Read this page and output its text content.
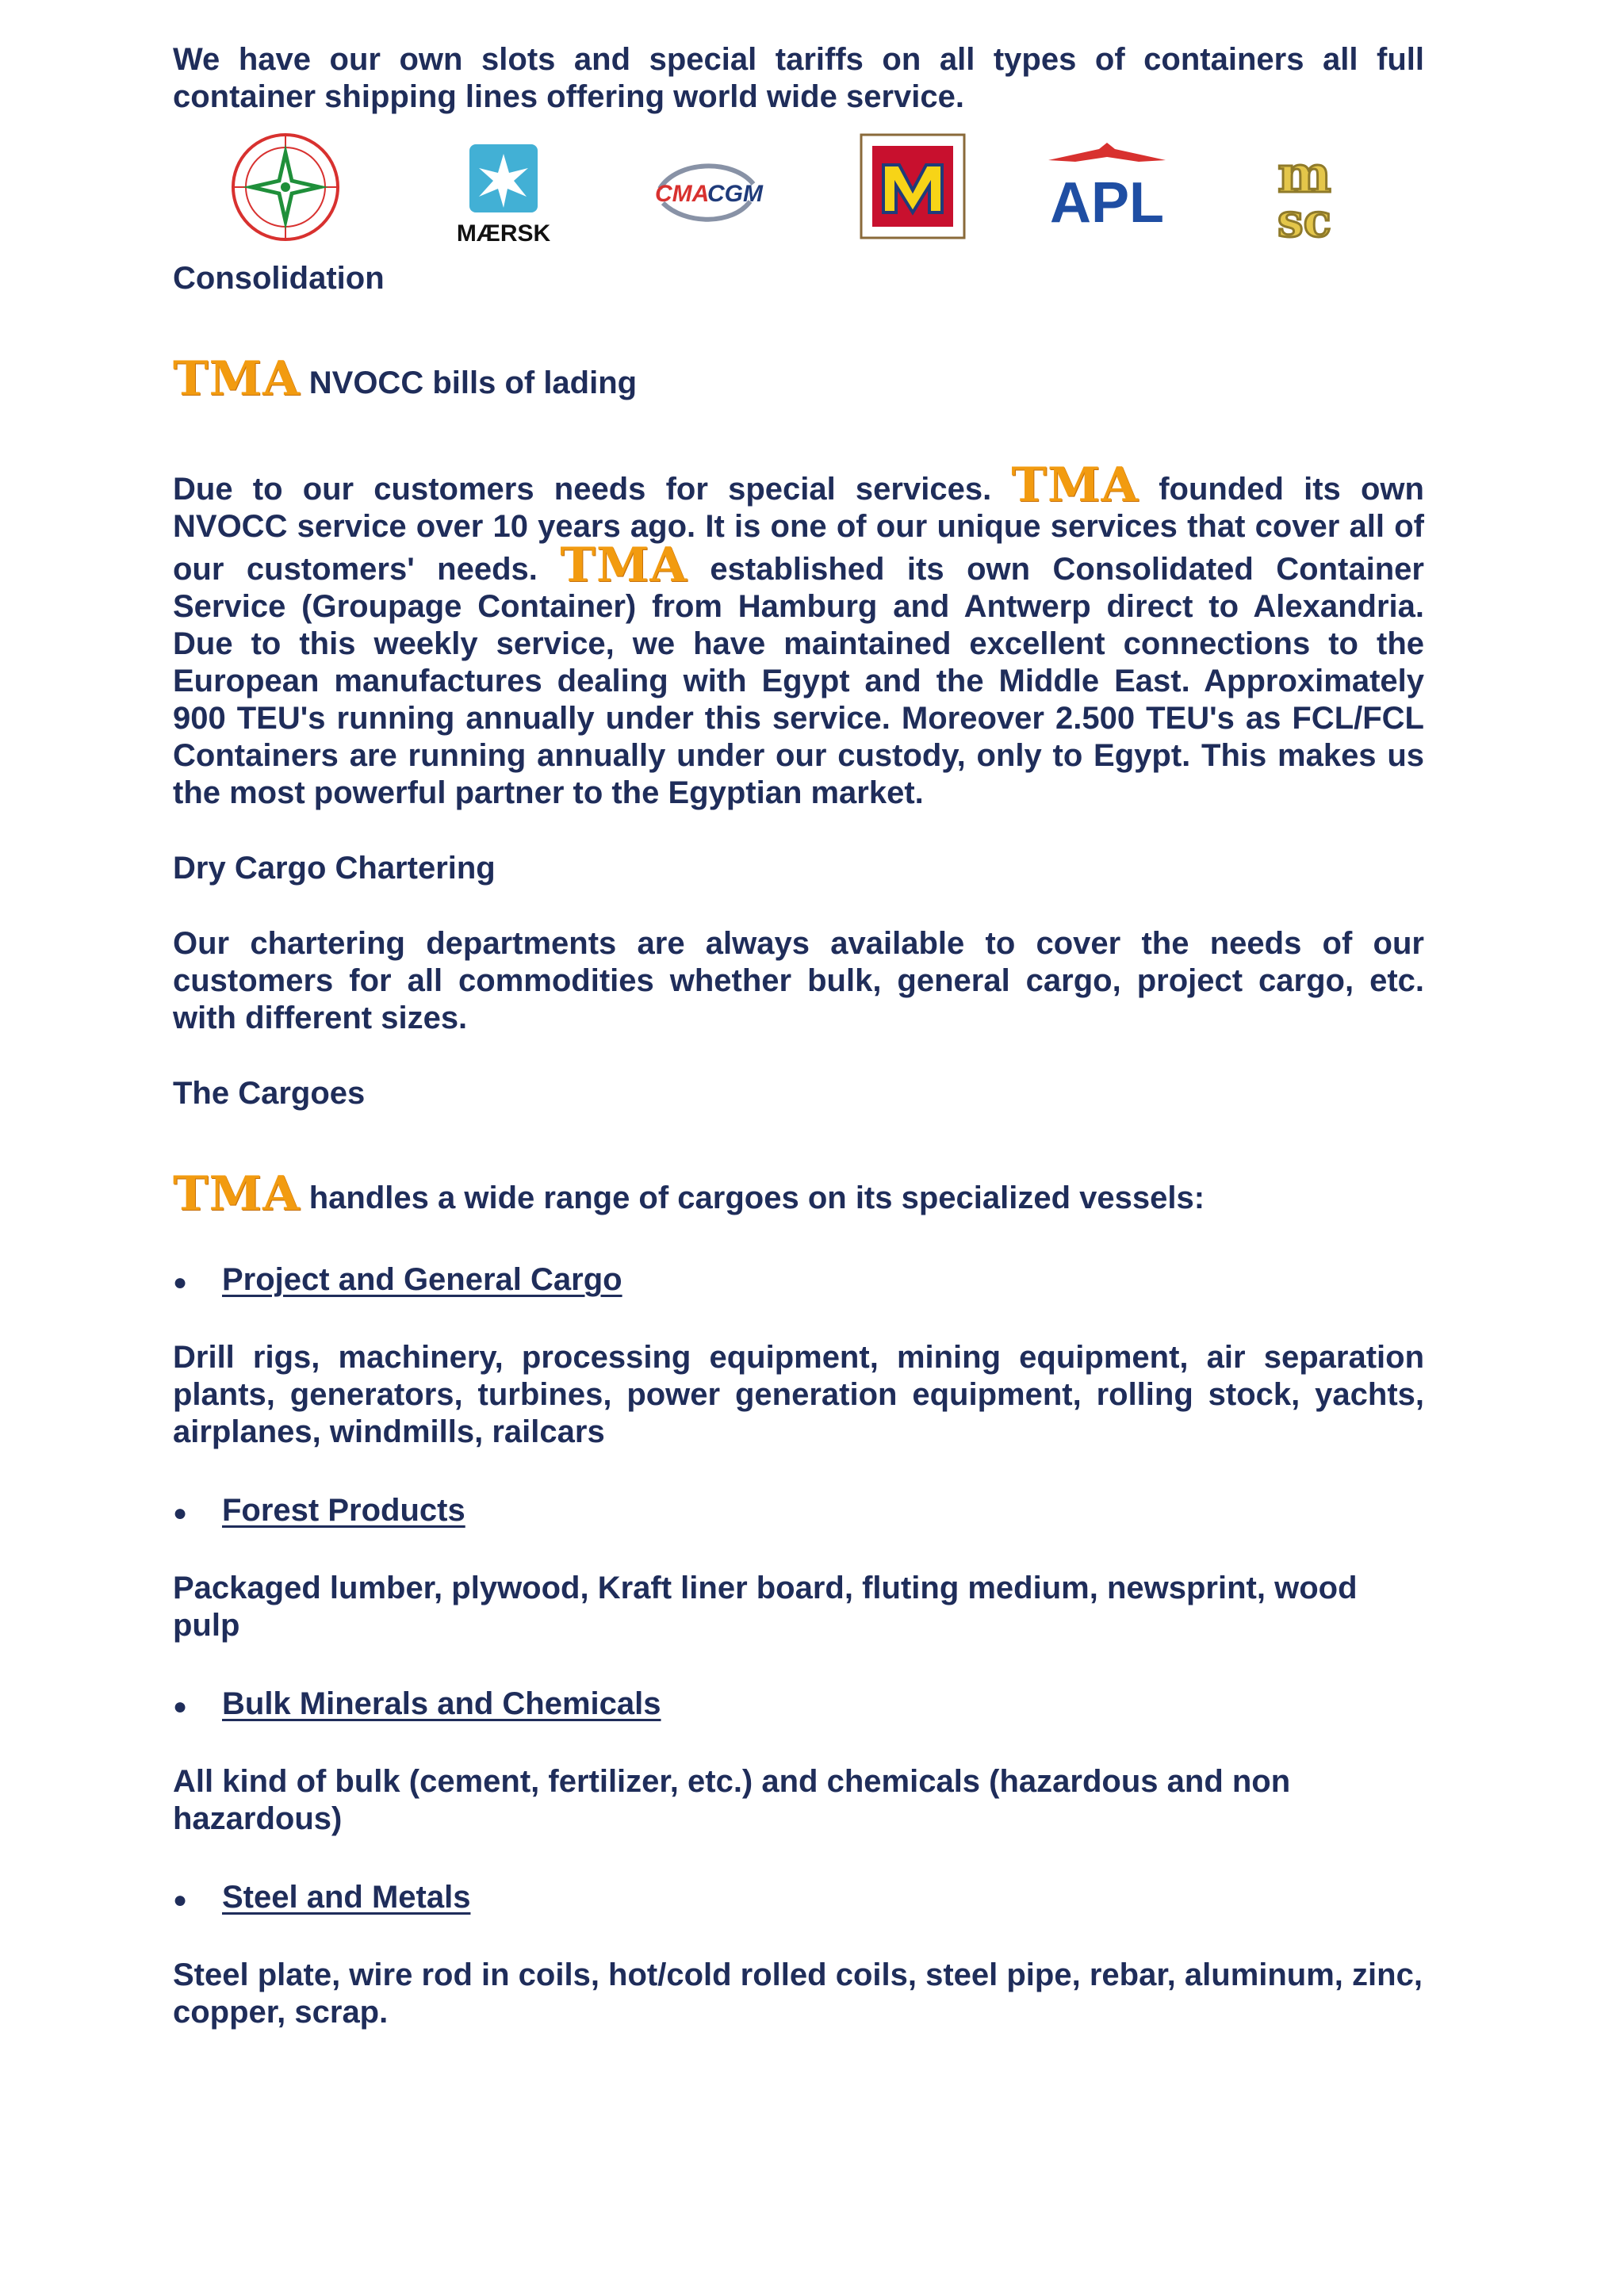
We have our own slots and special tariffs on all types of containers all full container shipping lines offering world wide service.

MÆRSK
CMA
CGM	APL m
sc

Consolidation

TMA NVOCC bills of lading

Due to our customers needs for special services. TMA founded its own NVOCC service over 10 years ago. It is one of our unique services that cover all of our customers' needs. TMA established its own Consolidated Container Service (Groupage Container) from Hamburg and Antwerp direct to Alexandria. Due to this weekly service, we have maintained excellent connections to the European manufactures dealing with Egypt and the Middle East. Approximately 900 TEU's running annually under this service. Moreover 2.500 TEU's as FCL/FCL Containers are running annually under our custody, only to Egypt. This makes us the most powerful partner to the Egyptian market.

Dry Cargo Chartering

Our chartering departments are always available to cover the needs of our customers for all commodities whether bulk, general cargo, project cargo, etc. with different sizes.

The Cargoes

TMA handles a wide range of cargoes on its specialized vessels:

●	Project and General Cargo

Drill rigs, machinery, processing equipment, mining equipment, air separation plants, generators, turbines, power generation equipment, rolling stock, yachts, airplanes, windmills, railcars

●	Forest Products

Packaged lumber, plywood, Kraft liner board, fluting medium, newsprint, wood pulp

●	Bulk Minerals and Chemicals

All kind of bulk (cement, fertilizer, etc.) and chemicals (hazardous and non hazardous)

●	Steel and Metals

Steel plate, wire rod in coils, hot/cold rolled coils, steel pipe, rebar, aluminum, zinc, copper, scrap.
